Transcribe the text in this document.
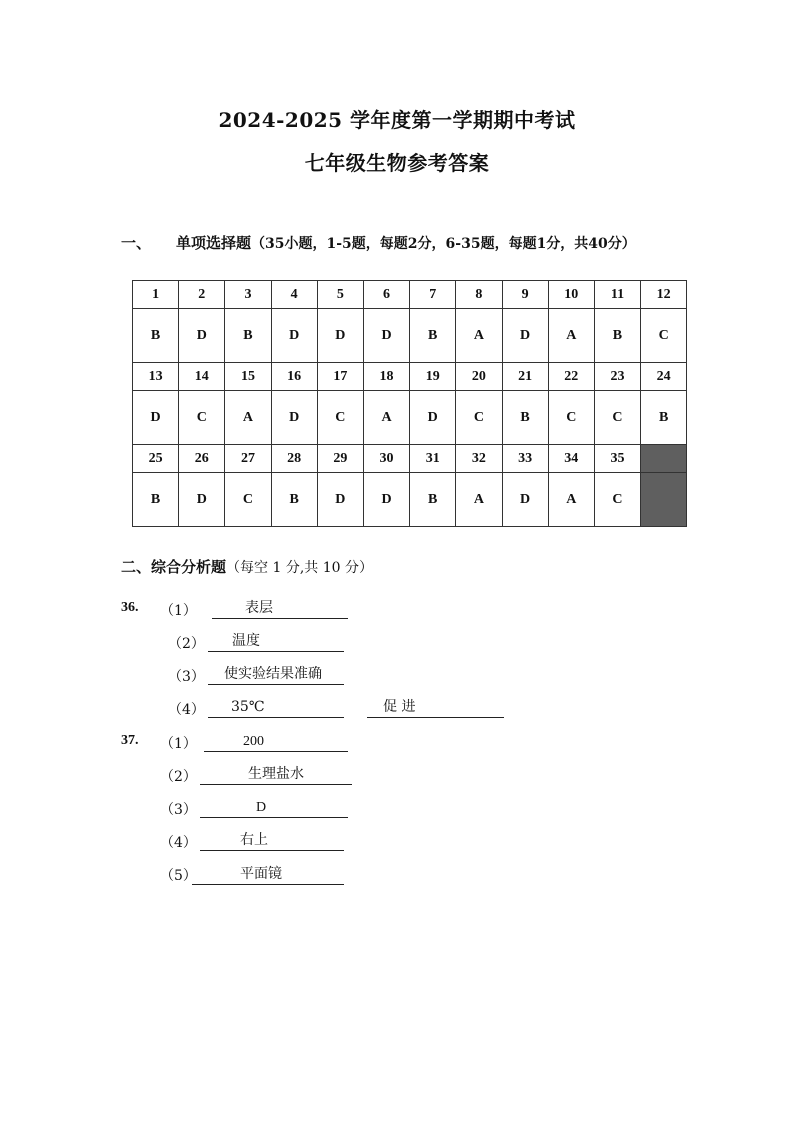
2024-2025 学年度第一学期期中考试
七年级生物参考答案
一、 单项选择题（35小题，1-5题，每题2分，6-35题，每题1分，共40分）
1	2	3	4	5	6	7	8	9	10	11	12
B	D	B	D	D	D	B	A	D	A	B	C
13	14	15	16	17	18	19	20	21	22	23	24
D	C	A	D	C	A	D	C	B	C	C	B
25	26	27	28	29	30	31	32	33	34	35	
B	D	C	B	D	D	B	A	D	A	C	
二、综合分析题（每空 1 分,共 10 分）
36. （1）	表层
（2） 温度
（3） 使实验结果准确
（4） 35℃	促 进
37. （1）	200
（2）	生理盐水
（3）	D
（4）	右上
（5）	平面镜
